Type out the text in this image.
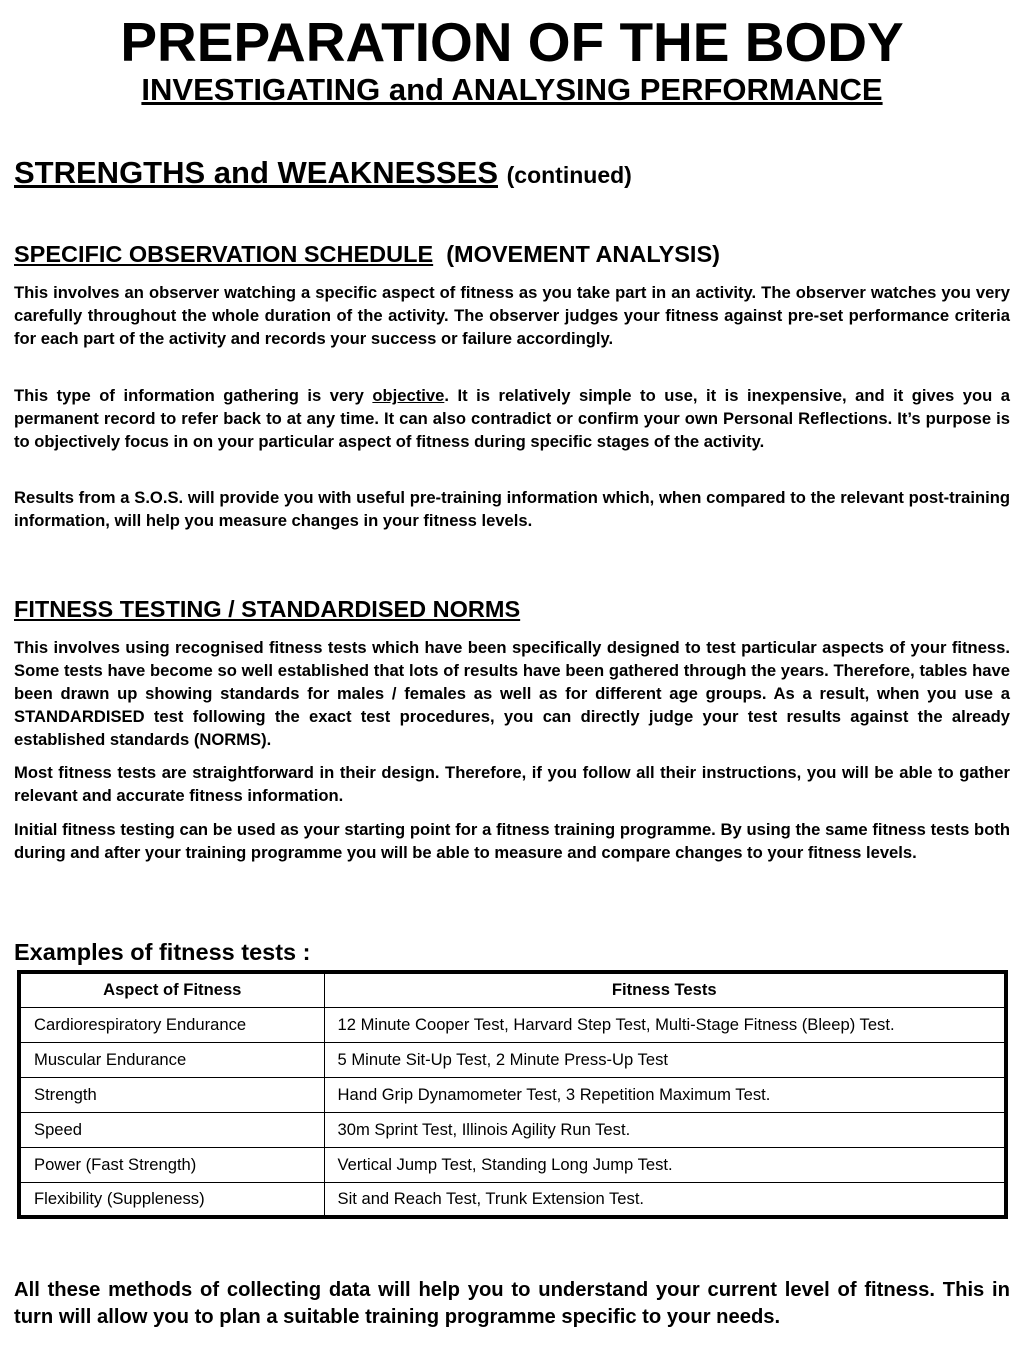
PREPARATION OF THE BODY
INVESTIGATING and ANALYSING PERFORMANCE
STRENGTHS and WEAKNESSES (continued)
SPECIFIC OBSERVATION SCHEDULE (MOVEMENT ANALYSIS)
This involves an observer watching a specific aspect of fitness as you take part in an activity. The observer watches you very carefully throughout the whole duration of the activity. The observer judges your fitness against pre-set performance criteria for each part of the activity and records your success or failure accordingly.
This type of information gathering is very objective. It is relatively simple to use, it is inexpensive, and it gives you a permanent record to refer back to at any time. It can also contradict or confirm your own Personal Reflections. It’s purpose is to objectively focus in on your particular aspect of fitness during specific stages of the activity.
Results from a S.O.S. will provide you with useful pre-training information which, when compared to the relevant post-training information, will help you measure changes in your fitness levels.
FITNESS TESTING / STANDARDISED NORMS
This involves using recognised fitness tests which have been specifically designed to test particular aspects of your fitness. Some tests have become so well established that lots of results have been gathered through the years. Therefore, tables have been drawn up showing standards for males / females as well as for different age groups. As a result, when you use a STANDARDISED test following the exact test procedures, you can directly judge your test results against the already established standards (NORMS).
Most fitness tests are straightforward in their design. Therefore, if you follow all their instructions, you will be able to gather relevant and accurate fitness information.
Initial fitness testing can be used as your starting point for a fitness training programme. By using the same fitness tests both during and after your training programme you will be able to measure and compare changes to your fitness levels.
Examples of fitness tests :
Aspect of Fitness	Fitness Tests
Cardiorespiratory Endurance	12 Minute Cooper Test, Harvard Step Test, Multi-Stage Fitness (Bleep) Test.
Muscular Endurance	5 Minute Sit-Up Test, 2 Minute Press-Up Test
Strength	Hand Grip Dynamometer Test, 3 Repetition Maximum Test.
Speed	30m Sprint Test, Illinois Agility Run Test.
Power (Fast Strength)	Vertical Jump Test, Standing Long Jump Test.
Flexibility (Suppleness)	Sit and Reach Test, Trunk Extension Test.
All these methods of collecting data will help you to understand your current level of fitness. This in turn will allow you to plan a suitable training programme specific to your needs.
